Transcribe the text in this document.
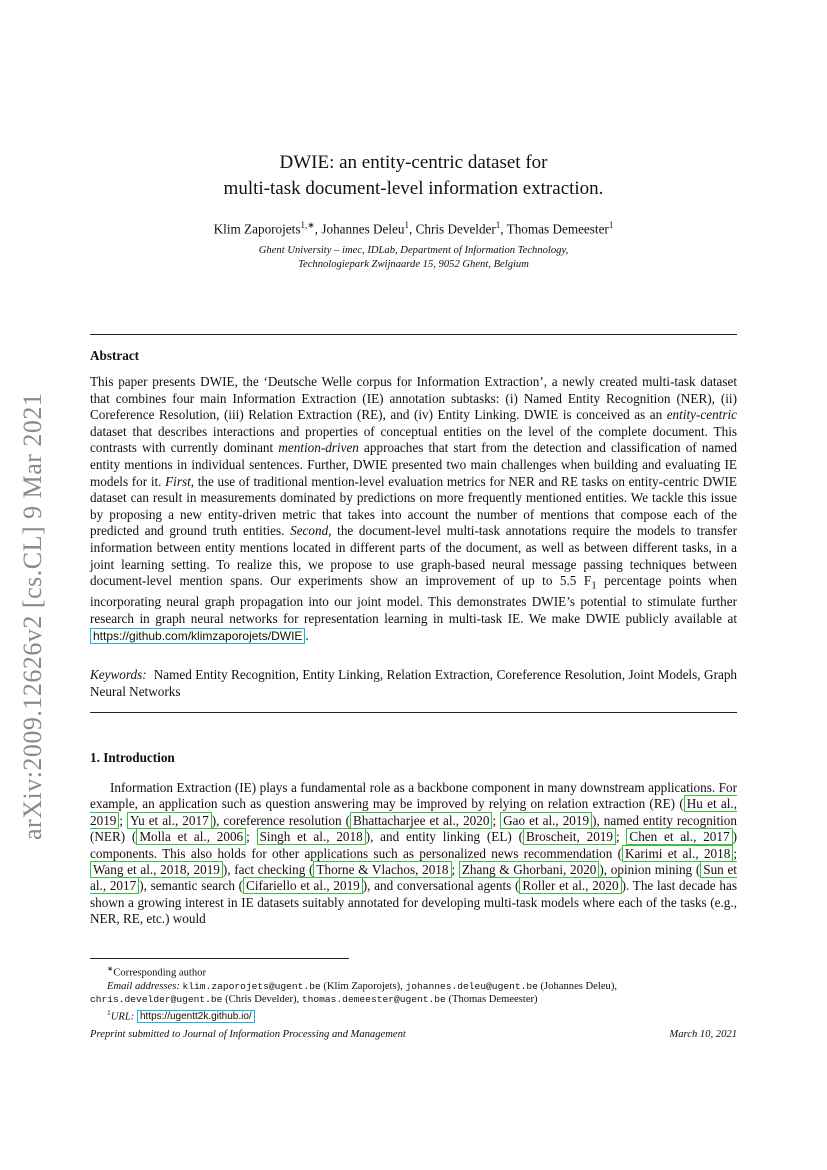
arXiv:2009.12626v2 [cs.CL] 9 Mar 2021
DWIE: an entity-centric dataset for
multi-task document-level information extraction.
Klim Zaporojets$^{1,∗}$, Johannes Deleu$^1$, Chris Develder$^1$, Thomas Demeester$^1$
Ghent University – imec, IDLab, Department of Information Technology,
Technologiepark Zwijnaarde 15, 9052 Ghent, Belgium
Abstract

This paper presents DWIE, the ‘Deutsche Welle corpus for Information Extraction’, a newly created multi-task dataset that combines four main Information Extraction (IE) annotation subtasks: (i) Named Entity Recognition (NER), (ii) Coreference Resolution, (iii) Relation Extraction (RE), and (iv) Entity Linking. DWIE is conceived as an entity-centric dataset that describes interactions and properties of conceptual entities on the level of the complete document. This contrasts with currently dominant mention-driven approaches that start from the detection and classification of named entity mentions in individual sentences. Further, DWIE presented two main challenges when building and evaluating IE models for it. First, the use of traditional mention-level evaluation metrics for NER and RE tasks on entity-centric DWIE dataset can result in measurements dominated by predictions on more frequently mentioned entities. We tackle this issue by proposing a new entity-driven metric that takes into account the number of mentions that compose each of the predicted and ground truth entities. Second, the document-level multi-task annotations require the models to transfer information between entity mentions located in different parts of the document, as well as between different tasks, in a joint learning setting. To realize this, we propose to use graph-based neural message passing techniques between document-level mention spans. Our experiments show an improvement of up to 5.5 $F_1$ percentage points when incorporating neural graph propagation into our joint model. This demonstrates DWIE’s potential to stimulate further research in graph neural networks for representation learning in multi-task IE. We make DWIE publicly available at https://github.com/klimzaporojets/DWIE .

Keywords: Named Entity Recognition, Entity Linking, Relation Extraction, Coreference Resolution, Joint Models, Graph Neural Networks
1. Introduction
Information Extraction (IE) plays a fundamental role as a backbone component in many downstream applications. For example, an application such as question answering may be improved by relying on relation extraction (RE) ( Hu et al., 2019 ; Yu et al., 2017 ), coreference resolution ( Bhattacharjee et al., 2020 ; Gao et al., 2019 ), named entity recognition (NER) ( Molla et al., 2006 ; Singh et al., 2018 ), and entity linking (EL) ( Broscheit, 2019 ; Chen et al., 2017 ) components. This also holds for other applications such as personalized news recommendation ( Karimi et al., 2018 ; Wang et al., 2018, 2019 ), fact checking ( Thorne & Vlachos, 2018 ; Zhang & Ghorbani, 2020 ), opinion mining ( Sun et al., 2017 ), semantic search ( Cifariello et al., 2019 ), and conversational agents ( Roller et al., 2020 ). The last decade has shown a growing interest in IE datasets suitably annotated for developing multi-task models where each of the tasks (e.g., NER, RE, etc.) would
∗Corresponding author
Email addresses: klim.zaporojets@ugent.be (Klim Zaporojets), johannes.deleu@ugent.be (Johannes Deleu),
chris.develder@ugent.be (Chris Develder), thomas.demeester@ugent.be (Thomas Demeester)
$^1$URL: https://ugentt2k.github.io/
Preprint submitted to Journal of Information Processing and Management	March 10, 2021
